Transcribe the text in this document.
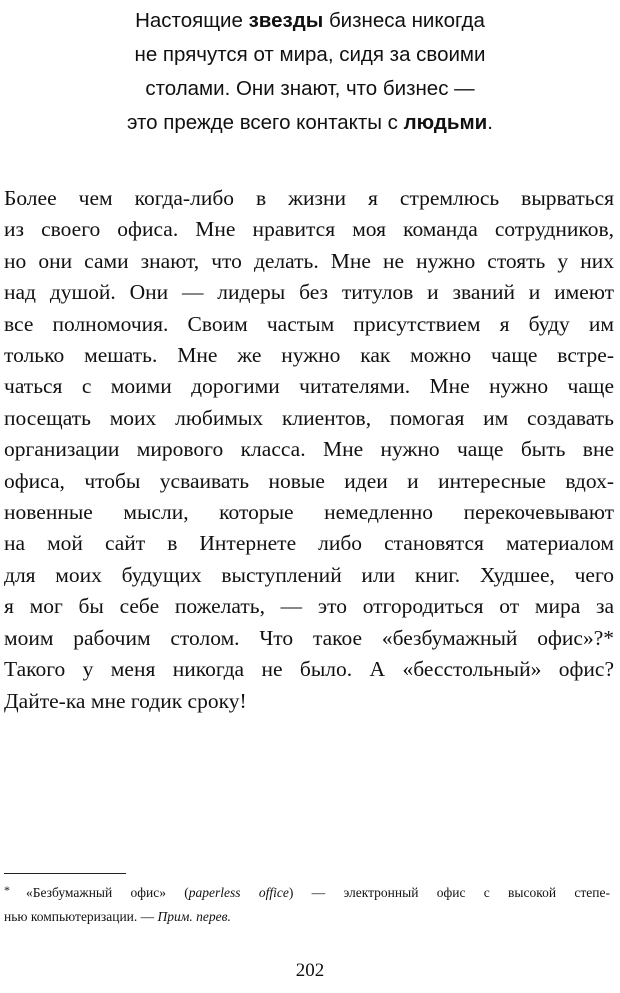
Настоящие звезды бизнеса никогда
не прячутся от мира, сидя за своими
столами. Они знают, что бизнес —
это прежде всего контакты с людьми.
Более чем когда-либо в жизни я стремлюсь вырваться
из своего офиса. Мне нравится моя команда сотрудников,
но они сами знают, что делать. Мне не нужно стоять у них
над душой. Они — лидеры без титулов и званий и имеют
все полномочия. Своим частым присутствием я буду им
только мешать. Мне же нужно как можно чаще встре-
чаться с моими дорогими читателями. Мне нужно чаще
посещать моих любимых клиентов, помогая им создавать
организации мирового класса. Мне нужно чаще быть вне
офиса, чтобы усваивать новые идеи и интересные вдох-
новенные мысли, которые немедленно перекочевывают
на мой сайт в Интернете либо становятся материалом
для моих будущих выступлений или книг. Худшее, чего
я мог бы себе пожелать, — это отгородиться от мира за
моим рабочим столом. Что такое «безбумажный офис»?*
Такого у меня никогда не было. А «бесстольный» офис?
Дайте-ка мне годик сроку!
*	«Безбумажный офис» (paperless office) — электронный офис с высокой степе-
нью компьютеризации. — Прим. перев.
202
